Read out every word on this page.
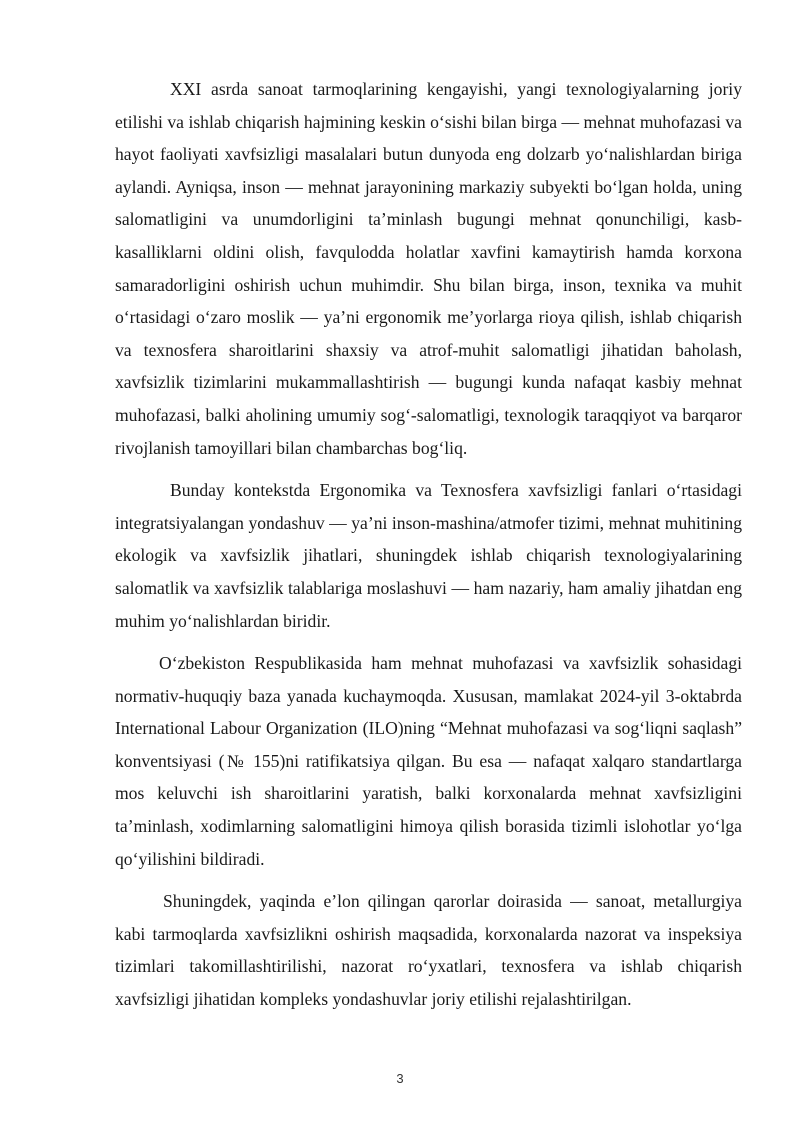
XXI asrda sanoat tarmoqlarining kengayishi, yangi texnologiyalarning joriy etilishi va ishlab chiqarish hajmining keskin o‘sishi bilan birga — mehnat muhofazasi va hayot faoliyati xavfsizligi masalalari butun dunyoda eng dolzarb yo‘nalishlardan biriga aylandi. Ayniqsa, inson — mehnat jarayonining markaziy subyekti bo‘lgan holda, uning salomatligini va unumdorligini ta’minlash bugungi mehnat qonunchiligi, kasb-kasalliklarni oldini olish, favqulodda holatlar xavfini kamaytirish hamda korxona samaradorligini oshirish uchun muhimdir. Shu bilan birga, inson, texnika va muhit o‘rtasidagi o‘zaro moslik — ya’ni ergonomik me’yorlarga rioya qilish, ishlab chiqarish va texnosfera sharoitlarini shaxsiy va atrof-muhit salomatligi jihatidan baholash, xavfsizlik tizimlarini mukammallashtirish — bugungi kunda nafaqat kasbiy mehnat muhofazasi, balki aholining umumiy sog‘-salomatligi, texnologik taraqqiyot va barqaror rivojlanish tamoyillari bilan chambarchas bog‘liq.

Bunday kontekstda Ergonomika va Texnosfera xavfsizligi fanlari o‘rtasidagi integratsiyalangan yondashuv — ya’ni inson-mashina/atmofer tizimi, mehnat muhitining ekologik va xavfsizlik jihatlari, shuningdek ishlab chiqarish texnologiyalarining salomatlik va xavfsizlik talablariga moslashuvi — ham nazariy, ham amaliy jihatdan eng muhim yo‘nalishlardan biridir.

O‘zbekiston Respublikasida ham mehnat muhofazasi va xavfsizlik sohasidagi normativ-huquqiy baza yanada kuchaymoqda. Xususan, mamlakat 2024-yil 3-oktabrda International Labour Organization (ILO)ning “Mehnat muhofazasi va sog‘liqni saqlash” konventsiyasi (№ 155)ni ratifikatsiya qilgan. Bu esa — nafaqat xalqaro standartlarga mos keluvchi ish sharoitlarini yaratish, balki korxonalarda mehnat xavfsizligini ta’minlash, xodimlarning salomatligini himoya qilish borasida tizimli islohotlar yo‘lga qo‘yilishini bildiradi.

Shuningdek, yaqinda e’lon qilingan qarorlar doirasida — sanoat, metallurgiya kabi tarmoqlarda xavfsizlikni oshirish maqsadida, korxonalarda nazorat va inspeksiya tizimlari takomillashtirilishi, nazorat ro‘yxatlari, texnosfera va ishlab chiqarish xavfsizligi jihatidan kompleks yondashuvlar joriy etilishi rejalashtirilgan.

3
